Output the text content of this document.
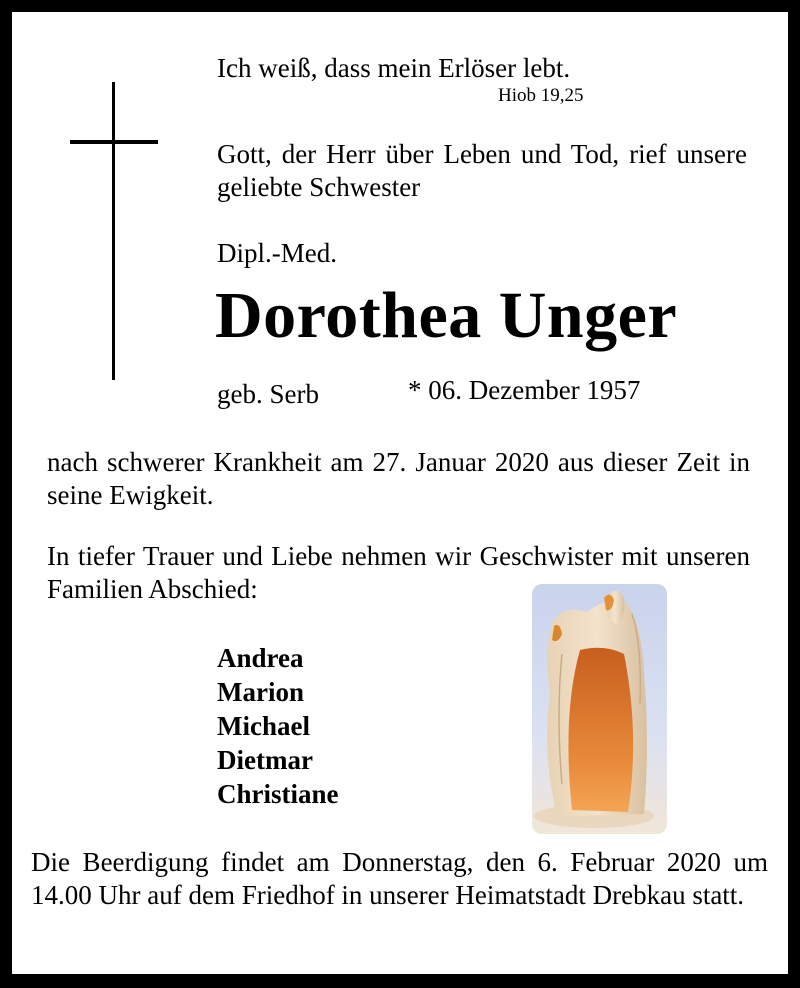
Ich weiß, dass mein Erlöser lebt.
Hiob 19,25
Gott, der Herr über Leben und Tod, rief unsere geliebte Schwester
Dipl.-Med.
Dorothea Unger
geb. Serb	* 06. Dezember 1957
nach schwerer Krankheit am 27. Januar 2020 aus dieser Zeit in seine Ewigkeit.
In tiefer Trauer und Liebe nehmen wir Geschwister mit unseren Familien Abschied:
Andrea
Marion
Michael
Dietmar
Christiane
Die Beerdigung findet am Donnerstag, den 6. Februar 2020 um 14.00 Uhr auf dem Friedhof in unserer Heimatstadt Drebkau statt.
